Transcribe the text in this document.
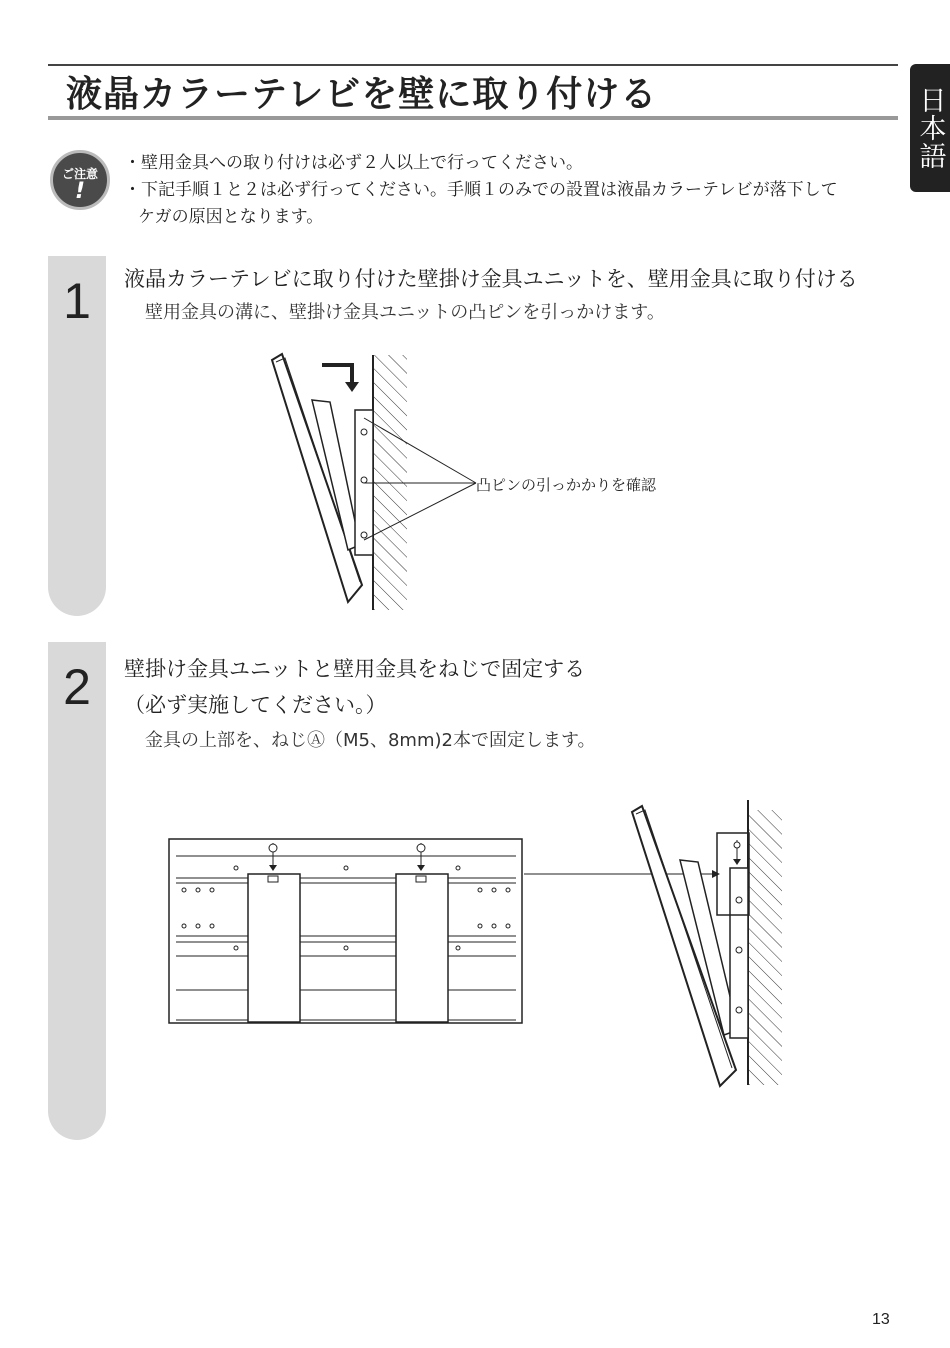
液晶カラーテレビを壁に取り付ける	日本語
ご注意
!
・壁用金具への取り付けは必ず２人以上で行ってください。
・下記手順１と２は必ず行ってください。手順１のみでの設置は液晶カラーテレビが落下して
ケガの原因となります。
1	液晶カラーテレビに取り付けた壁掛け金具ユニットを、壁用金具に取り付ける
壁用金具の溝に、壁掛け金具ユニットの凸ピンを引っかけます。
凸ピンの引っかかりを確認
2	壁掛け金具ユニットと壁用金具をねじで固定する
（必ず実施してください。）
金具の上部を、ねじⒶ（M5、8mm)2本で固定します。
13
